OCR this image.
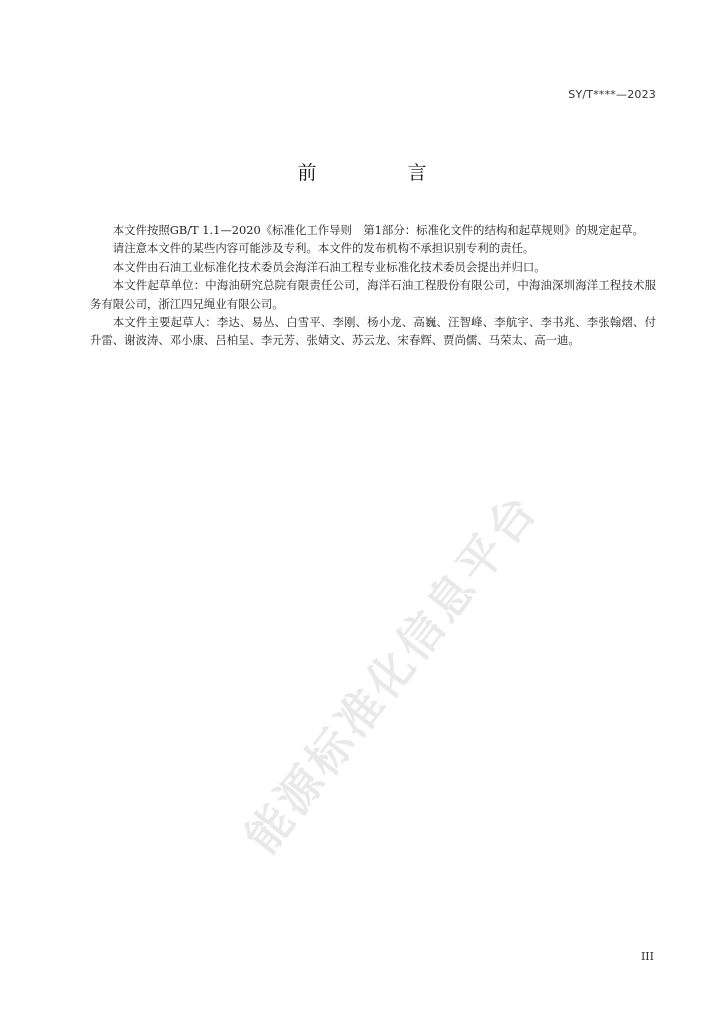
SY/T****—2023
前　言

本文件按照GB/T 1.1—2020《标准化工作导则　第1部分：标准化文件的结构和起草规则》的规定起草。

请注意本文件的某些内容可能涉及专利。本文件的发布机构不承担识别专利的责任。

本文件由石油工业标准化技术委员会海洋石油工程专业标准化技术委员会提出并归口。

本文件起草单位：中海油研究总院有限责任公司，海洋石油工程股份有限公司，中海油深圳海洋工程技术服务有限公司，浙江四兄绳业有限公司。

本文件主要起草人：李达、易丛、白雪平、李刚、杨小龙、高巍、汪智峰、李航宇、李书兆、李张翰熠、付升雷、谢波涛、邓小康、吕柏呈、李元芳、张婧文、苏云龙、宋春辉、贾尚儒、马荣太、高一迪。

能源标准化信息平台
III
